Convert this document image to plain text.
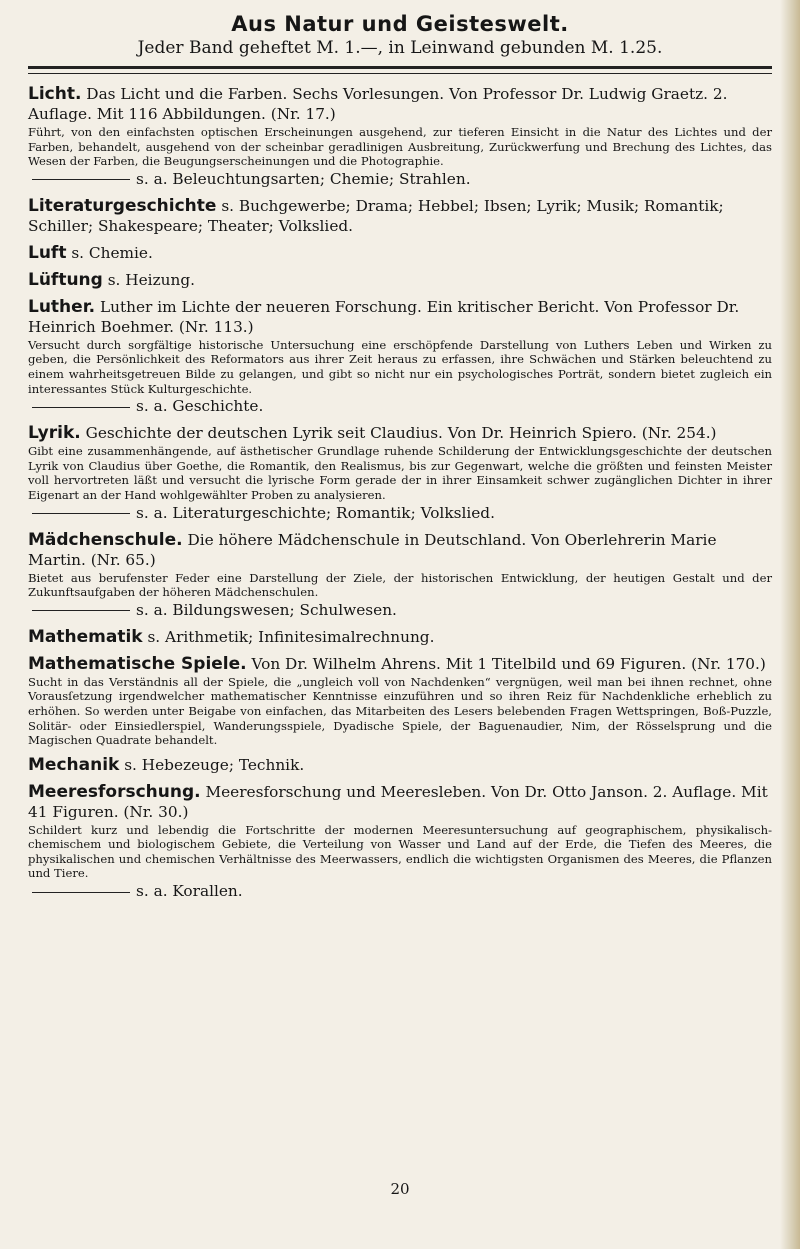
Aus Natur und Geisteswelt.
Jeder Band geheftet M. 1.—, in Leinwand gebunden M. 1.25.
Licht. Das Licht und die Farben. Sechs Vorlesungen. Von Professor Dr. Ludwig Graetz. 2. Auflage. Mit 116 Abbildungen. (Nr. 17.)
Führt, von den einfachsten optischen Erscheinungen ausgehend, zur tieferen Einsicht in die Natur des Lichtes und der Farben, behandelt, ausgehend von der scheinbar geradlinigen Ausbreitung, Zurückwerfung und Brechung des Lichtes, das Wesen der Farben, die Beugungserscheinungen und die Photographie.
s. a. Beleuchtungsarten; Chemie; Strahlen.
Literaturgeschichte s. Buchgewerbe; Drama; Hebbel; Ibsen; Lyrik; Musik; Romantik; Schiller; Shakespeare; Theater; Volkslied.
Luft s. Chemie.
Lüftung s. Heizung.
Luther. Luther im Lichte der neueren Forschung. Ein kritischer Bericht. Von Professor Dr. Heinrich Boehmer. (Nr. 113.)
Versucht durch sorgfältige historische Untersuchung eine erschöpfende Darstellung von Luthers Leben und Wirken zu geben, die Persönlichkeit des Reformators aus ihrer Zeit heraus zu erfassen, ihre Schwächen und Stärken beleuchtend zu einem wahrheitsgetreuen Bilde zu gelangen, und gibt so nicht nur ein psychologisches Porträt, sondern bietet zugleich ein interessantes Stück Kulturgeschichte.
s. a. Geschichte.
Lyrik. Geschichte der deutschen Lyrik seit Claudius. Von Dr. Heinrich Spiero. (Nr. 254.)
Gibt eine zusammenhängende, auf ästhetischer Grundlage ruhende Schilderung der Entwicklungsgeschichte der deutschen Lyrik von Claudius über Goethe, die Romantik, den Realismus, bis zur Gegenwart, welche die größten und feinsten Meister voll hervortreten läßt und versucht die lyrische Form gerade der in ihrer Einsamkeit schwer zugänglichen Dichter in ihrer Eigenart an der Hand wohlgewählter Proben zu analysieren.
s. a. Literaturgeschichte; Romantik; Volkslied.
Mädchenschule. Die höhere Mädchenschule in Deutschland. Von Oberlehrerin Marie Martin. (Nr. 65.)
Bietet aus berufenster Feder eine Darstellung der Ziele, der historischen Entwicklung, der heutigen Gestalt und der Zukunftsaufgaben der höheren Mädchenschulen.
s. a. Bildungswesen; Schulwesen.
Mathematik s. Arithmetik; Infinitesimalrechnung.
Mathematische Spiele. Von Dr. Wilhelm Ahrens. Mit 1 Titelbild und 69 Figuren. (Nr. 170.)
Sucht in das Verständnis all der Spiele, die „ungleich voll von Nachdenken“ vergnügen, weil man bei ihnen rechnet, ohne Vorausſetzung irgendwelcher mathematischer Kenntnisse einzuführen und so ihren Reiz für Nachdenkliche erheblich zu erhöhen. So werden unter Beigabe von einfachen, das Mitarbeiten des Lesers belebenden Fragen Wettspringen, Boß-Puzzle, Solitär- oder Einsiedlerspiel, Wanderungsspiele, Dyadische Spiele, der Baguenaudier, Nim, der Rösselsprung und die Magischen Quadrate behandelt.
Mechanik s. Hebezeuge; Technik.
Meeresforschung. Meeresforschung und Meeresleben. Von Dr. Otto Janson. 2. Auflage. Mit 41 Figuren. (Nr. 30.)
Schildert kurz und lebendig die Fortschritte der modernen Meeresuntersuchung auf geographischem, physikalisch-chemischem und biologischem Gebiete, die Verteilung von Wasser und Land auf der Erde, die Tiefen des Meeres, die physikalischen und chemischen Verhältnisse des Meerwassers, endlich die wichtigsten Organismen des Meeres, die Pflanzen und Tiere.
s. a. Korallen.
20
